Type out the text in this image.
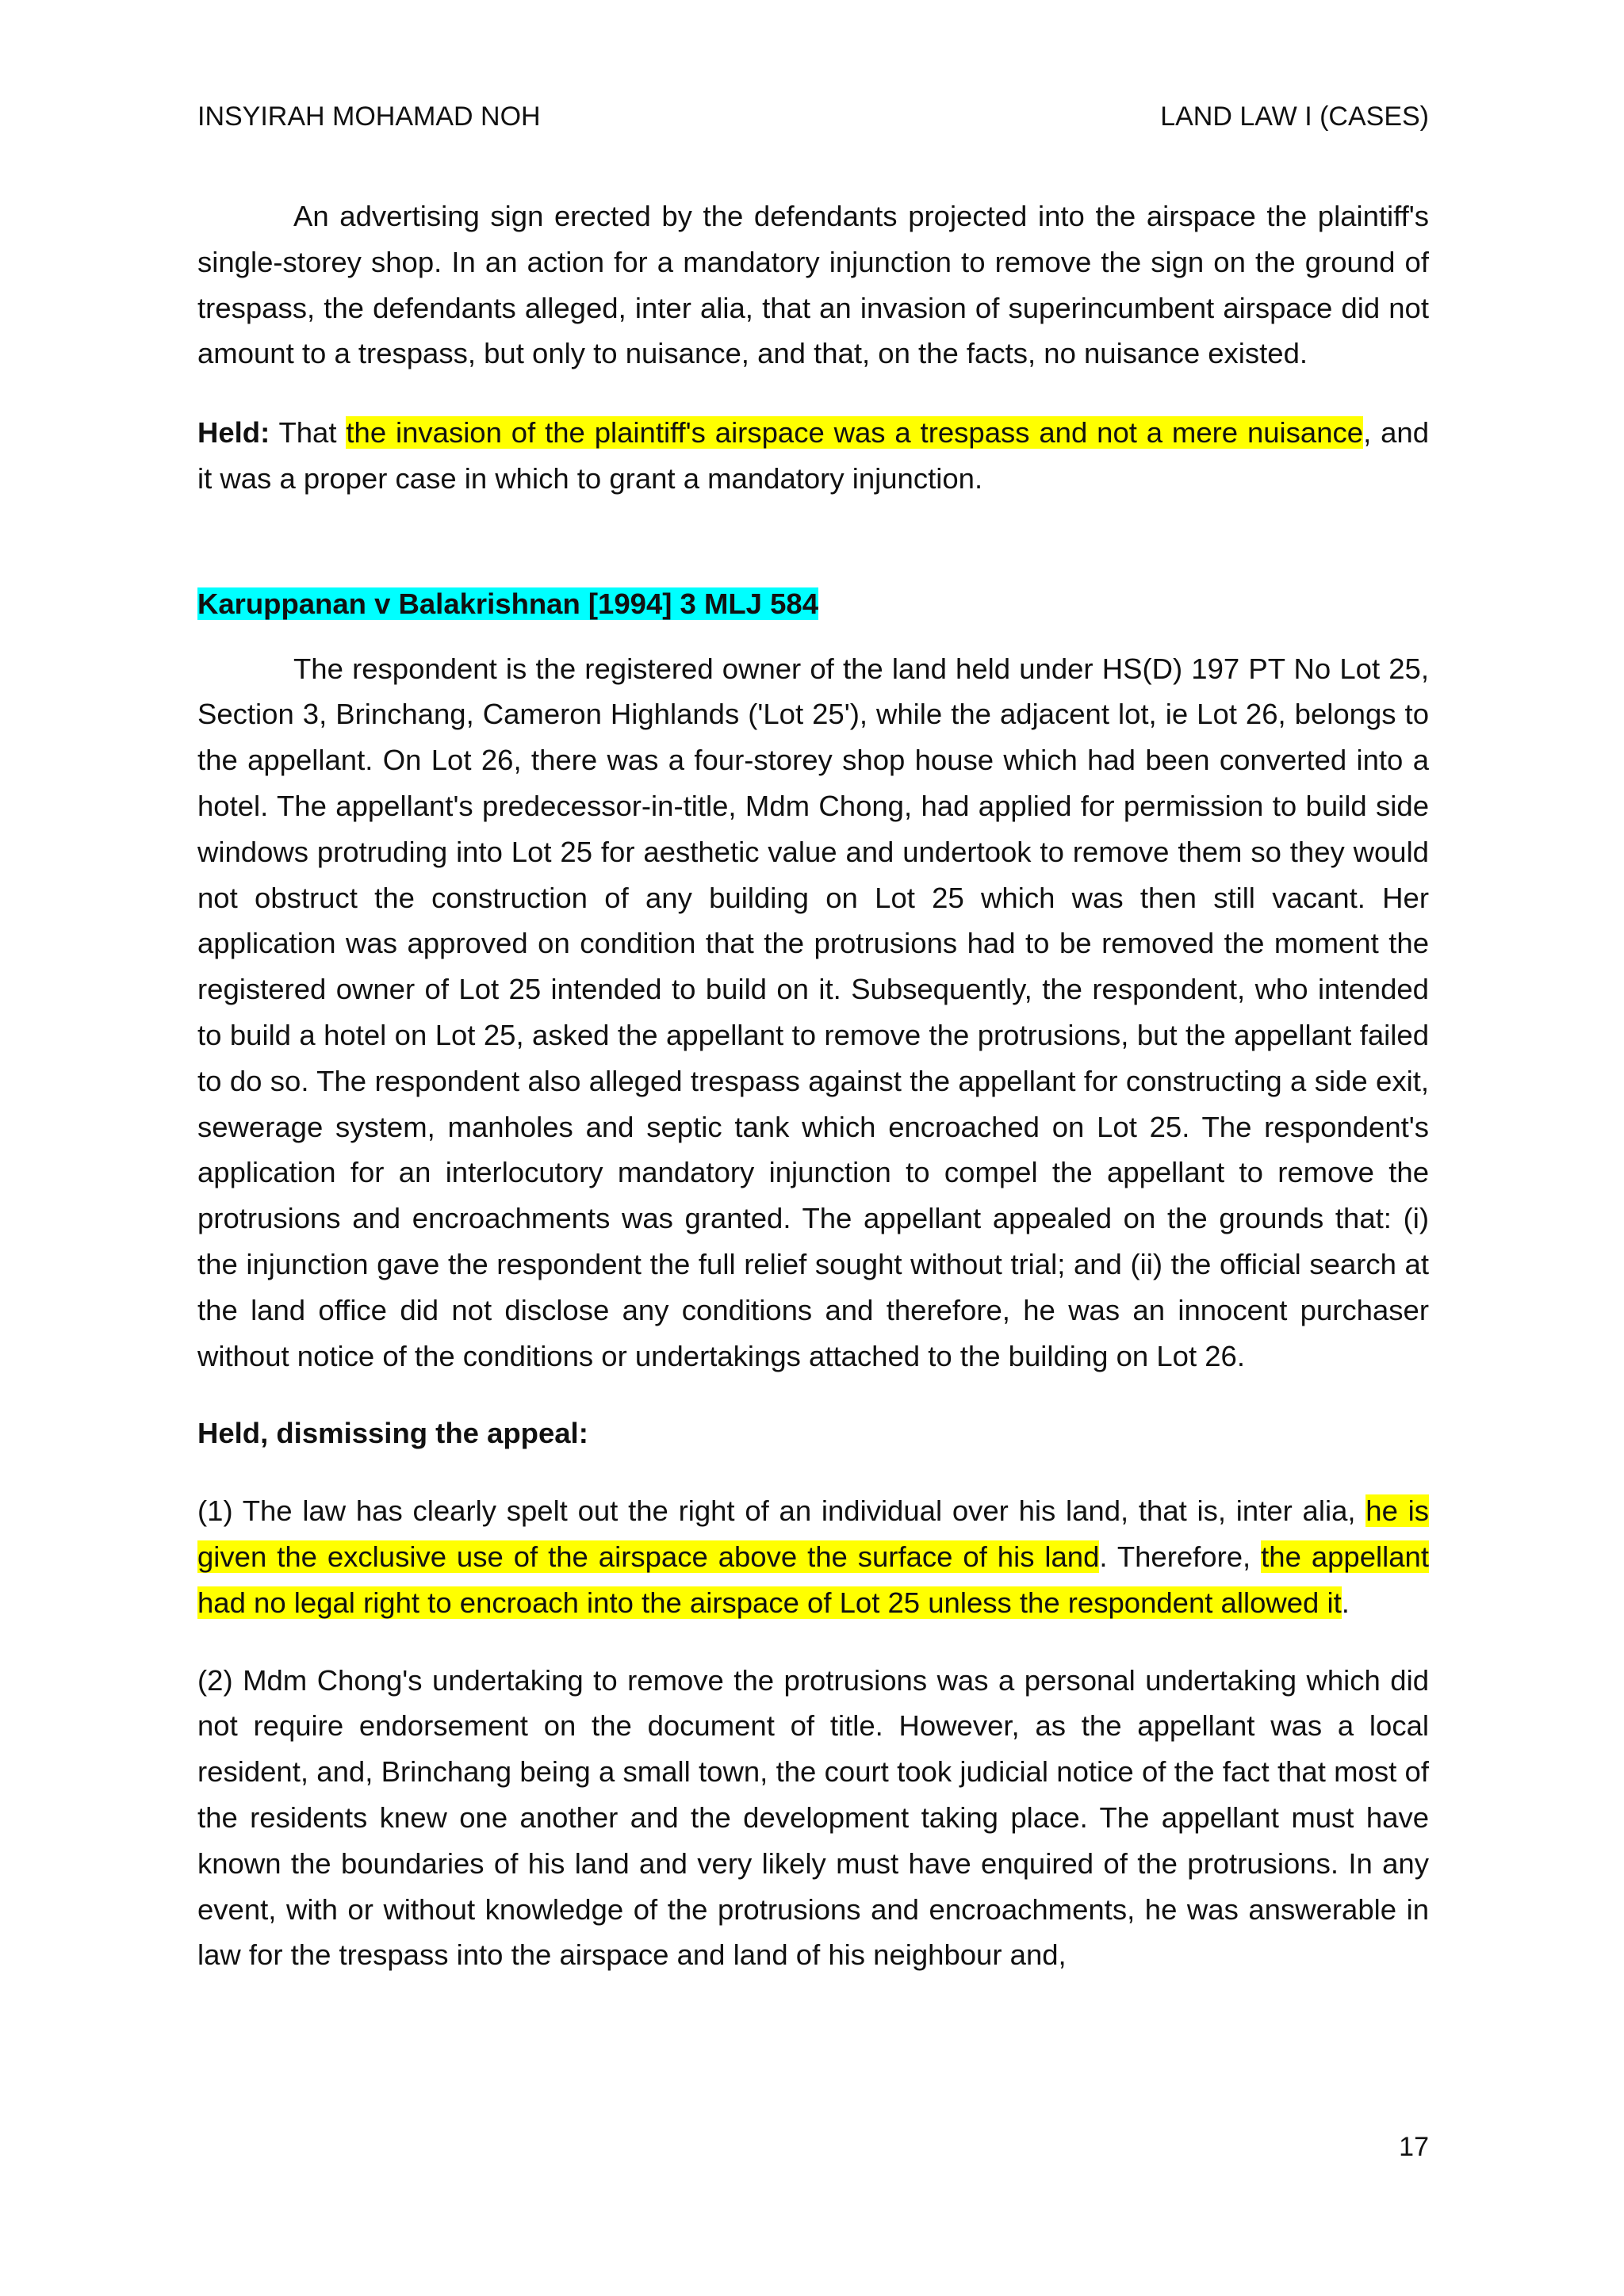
INSYIRAH MOHAMAD NOH	LAND LAW I (CASES)

An advertising sign erected by the defendants projected into the airspace the plaintiff's single-storey shop. In an action for a mandatory injunction to remove the sign on the ground of trespass, the defendants alleged, inter alia, that an invasion of superincumbent airspace did not amount to a trespass, but only to nuisance, and that, on the facts, no nuisance existed.

Held: That the invasion of the plaintiff's airspace was a trespass and not a mere nuisance, and it was a proper case in which to grant a mandatory injunction.

Karuppanan v Balakrishnan [1994] 3 MLJ 584

The respondent is the registered owner of the land held under HS(D) 197 PT No Lot 25, Section 3, Brinchang, Cameron Highlands ('Lot 25'), while the adjacent lot, ie Lot 26, belongs to the appellant. On Lot 26, there was a four-storey shop house which had been converted into a hotel. The appellant's predecessor-in-title, Mdm Chong, had applied for permission to build side windows protruding into Lot 25 for aesthetic value and undertook to remove them so they would not obstruct the construction of any building on Lot 25 which was then still vacant. Her application was approved on condition that the protrusions had to be removed the moment the registered owner of Lot 25 intended to build on it. Subsequently, the respondent, who intended to build a hotel on Lot 25, asked the appellant to remove the protrusions, but the appellant failed to do so. The respondent also alleged trespass against the appellant for constructing a side exit, sewerage system, manholes and septic tank which encroached on Lot 25. The respondent's application for an interlocutory mandatory injunction to compel the appellant to remove the protrusions and encroachments was granted. The appellant appealed on the grounds that: (i) the injunction gave the respondent the full relief sought without trial; and (ii) the official search at the land office did not disclose any conditions and therefore, he was an innocent purchaser without notice of the conditions or undertakings attached to the building on Lot 26.

Held, dismissing the appeal:

(1) The law has clearly spelt out the right of an individual over his land, that is, inter alia, he is given the exclusive use of the airspace above the surface of his land. Therefore, the appellant had no legal right to encroach into the airspace of Lot 25 unless the respondent allowed it.

(2) Mdm Chong's undertaking to remove the protrusions was a personal undertaking which did not require endorsement on the document of title. However, as the appellant was a local resident, and, Brinchang being a small town, the court took judicial notice of the fact that most of the residents knew one another and the development taking place. The appellant must have known the boundaries of his land and very likely must have enquired of the protrusions. In any event, with or without knowledge of the protrusions and encroachments, he was answerable in law for the trespass into the airspace and land of his neighbour and,

17
